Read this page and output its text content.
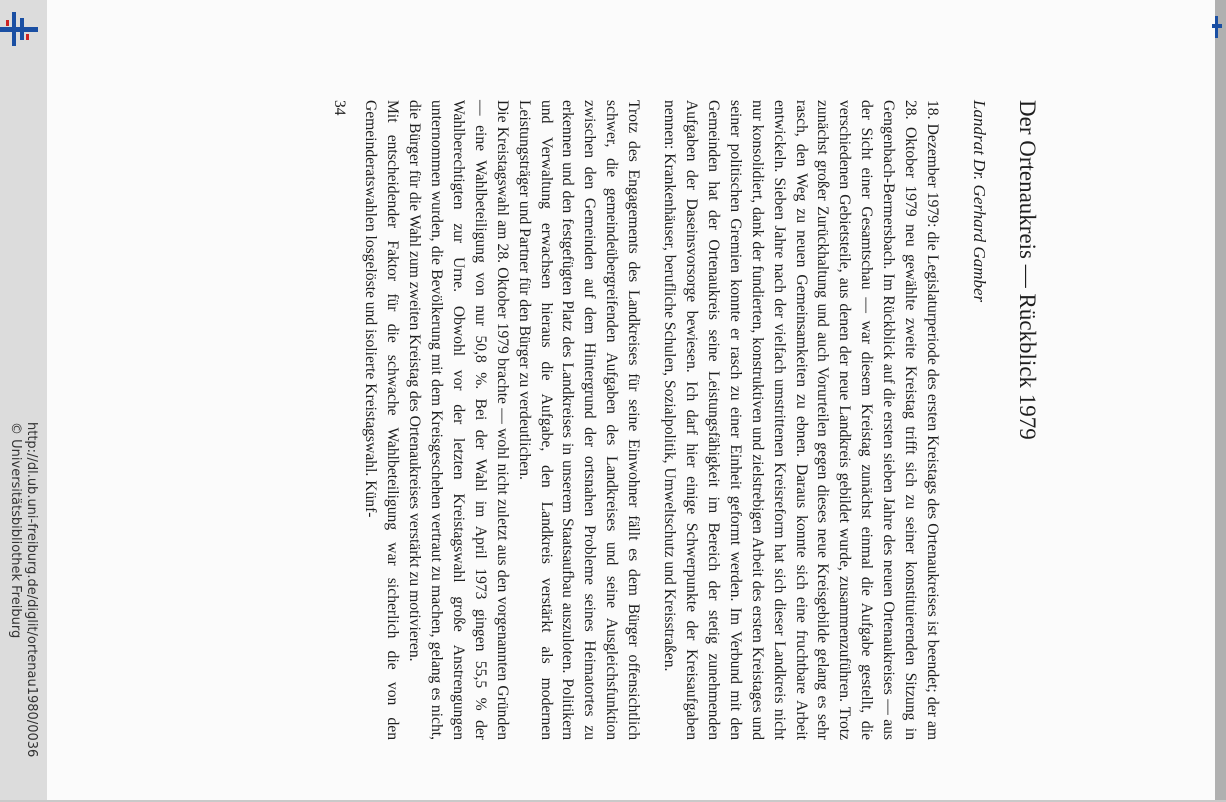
http://dl.ub.uni-freiburg.de/diglit/ortenau1980/0036
© Universitätsbibliothek Freiburg
Der Ortenaukreis — Rückblick 1979
Landrat Dr. Gerhard Gamber

18. Dezember 1979: die Legislaturperiode des ersten Kreistags des Ortenaukreises ist beendet; der am 28. Oktober 1979 neu gewählte zweite Kreistag trifft sich zu seiner konstituierenden Sitzung in Gengenbach-Bermersbach. Im Rückblick auf die ersten sieben Jahre des neuen Ortenaukreises — aus der Sicht einer Gesamtschau — war diesem Kreistag zunächst einmal die Aufgabe gestellt, die verschiedenen Gebietsteile, aus denen der neue Landkreis gebildet wurde, zusammenzuführen. Trotz zunächst großer Zurückhaltung und auch Vorurteilen gegen dieses neue Kreisgebilde gelang es sehr rasch, den Weg zu neuen Gemeinsamkeiten zu ebnen. Daraus konnte sich eine fruchtbare Arbeit entwickeln. Sieben Jahre nach der vielfach umstrittenen Kreisreform hat sich dieser Landkreis nicht nur konsolidiert, dank der fundierten, konstruktiven und zielstrebigen Arbeit des ersten Kreistages und seiner politischen Gremien konnte er rasch zu einer Einheit geformt werden. Im Verbund mit den Gemeinden hat der Ortenaukreis seine Leistungsfähigkeit im Bereich der stetig zunehmenden Aufgaben der Daseinsvorsorge bewiesen. Ich darf hier einige Schwerpunkte der Kreisaufgaben nennen: Krankenhäuser, berufliche Schulen, Sozialpolitik, Umweltschutz und Kreisstraßen.

Trotz des Engagements des Landkreises für seine Einwohner fällt es dem Bürger offensichtlich schwer, die gemeindeübergreifenden Aufgaben des Landkreises und seine Ausgleichsfunktion zwischen den Gemeinden auf dem Hintergrund der ortsnahen Probleme seines Heimatortes zu erkennen und den festgefügten Platz des Landkreises in unserem Staatsaufbau auszuloten. Politikern und Verwaltung erwachsen hieraus die Aufgabe, den Landkreis verstärkt als modernen Leistungsträger und Partner für den Bürger zu verdeutlichen.

Die Kreistagswahl am 28. Oktober 1979 brachte — wohl nicht zuletzt aus den vorgenannten Gründen — eine Wahlbeteiligung von nur 50,8 %. Bei der Wahl im April 1973 gingen 55,5 % der Wahlberechtigten zur Urne. Obwohl vor der letzten Kreistagswahl große Anstrengungen unternommen wurden, die Bevölkerung mit dem Kreisgeschehen vertraut zu machen, gelang es nicht, die Bürger für die Wahl zum zweiten Kreistag des Ortenaukreises verstärkt zu motivieren.

Mit entscheidender Faktor für die schwache Wahlbeteiligung war sicherlich die von den Gemeinderatswahlen losgelöste und isolierte Kreistagswahl. Künf-

34
